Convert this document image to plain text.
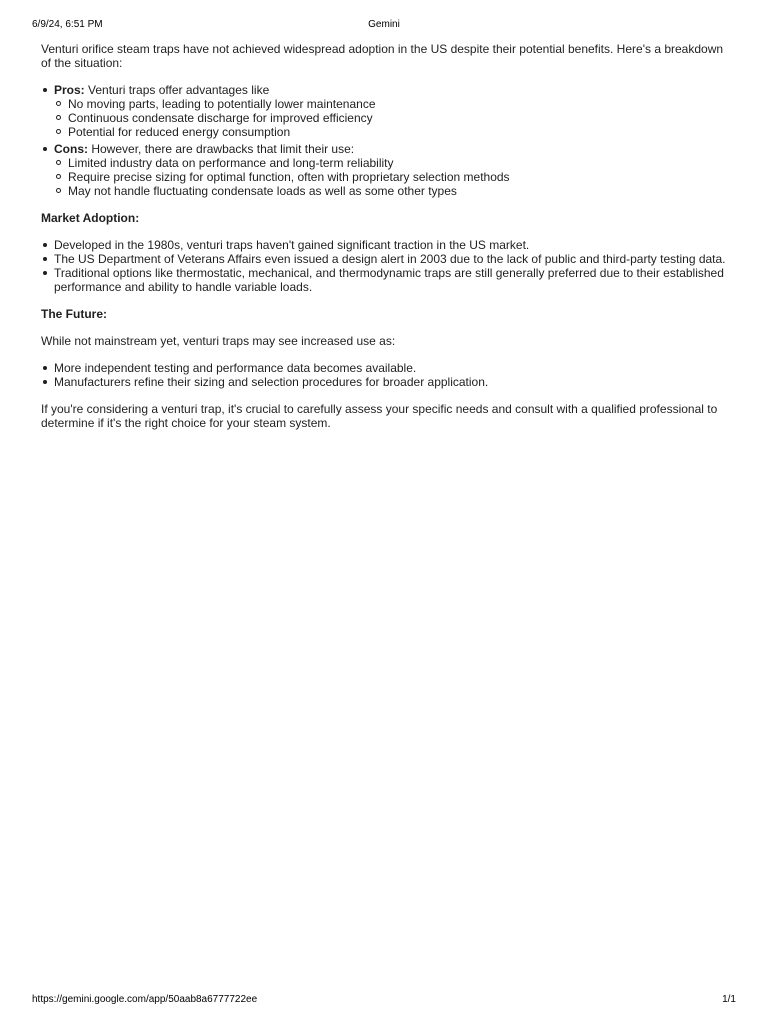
6/9/24, 6:51 PM	Gemini

Venturi orifice steam traps have not achieved widespread adoption in the US despite their potential benefits. Here's a breakdown of the situation:

Pros: Venturi traps offer advantages like
No moving parts, leading to potentially lower maintenance
Continuous condensate discharge for improved efficiency
Potential for reduced energy consumption
Cons: However, there are drawbacks that limit their use:
Limited industry data on performance and long-term reliability
Require precise sizing for optimal function, often with proprietary selection methods
May not handle fluctuating condensate loads as well as some other types
Market Adoption:
Developed in the 1980s, venturi traps haven't gained significant traction in the US market.
The US Department of Veterans Affairs even issued a design alert in 2003 due to the lack of public and third-party testing data.
Traditional options like thermostatic, mechanical, and thermodynamic traps are still generally preferred due to their established performance and ability to handle variable loads.
The Future:

While not mainstream yet, venturi traps may see increased use as:

More independent testing and performance data becomes available.
Manufacturers refine their sizing and selection procedures for broader application.

If you're considering a venturi trap, it's crucial to carefully assess your specific needs and consult with a qualified professional to determine if it's the right choice for your steam system.

https://gemini.google.com/app/50aab8a6777722ee	1/1
